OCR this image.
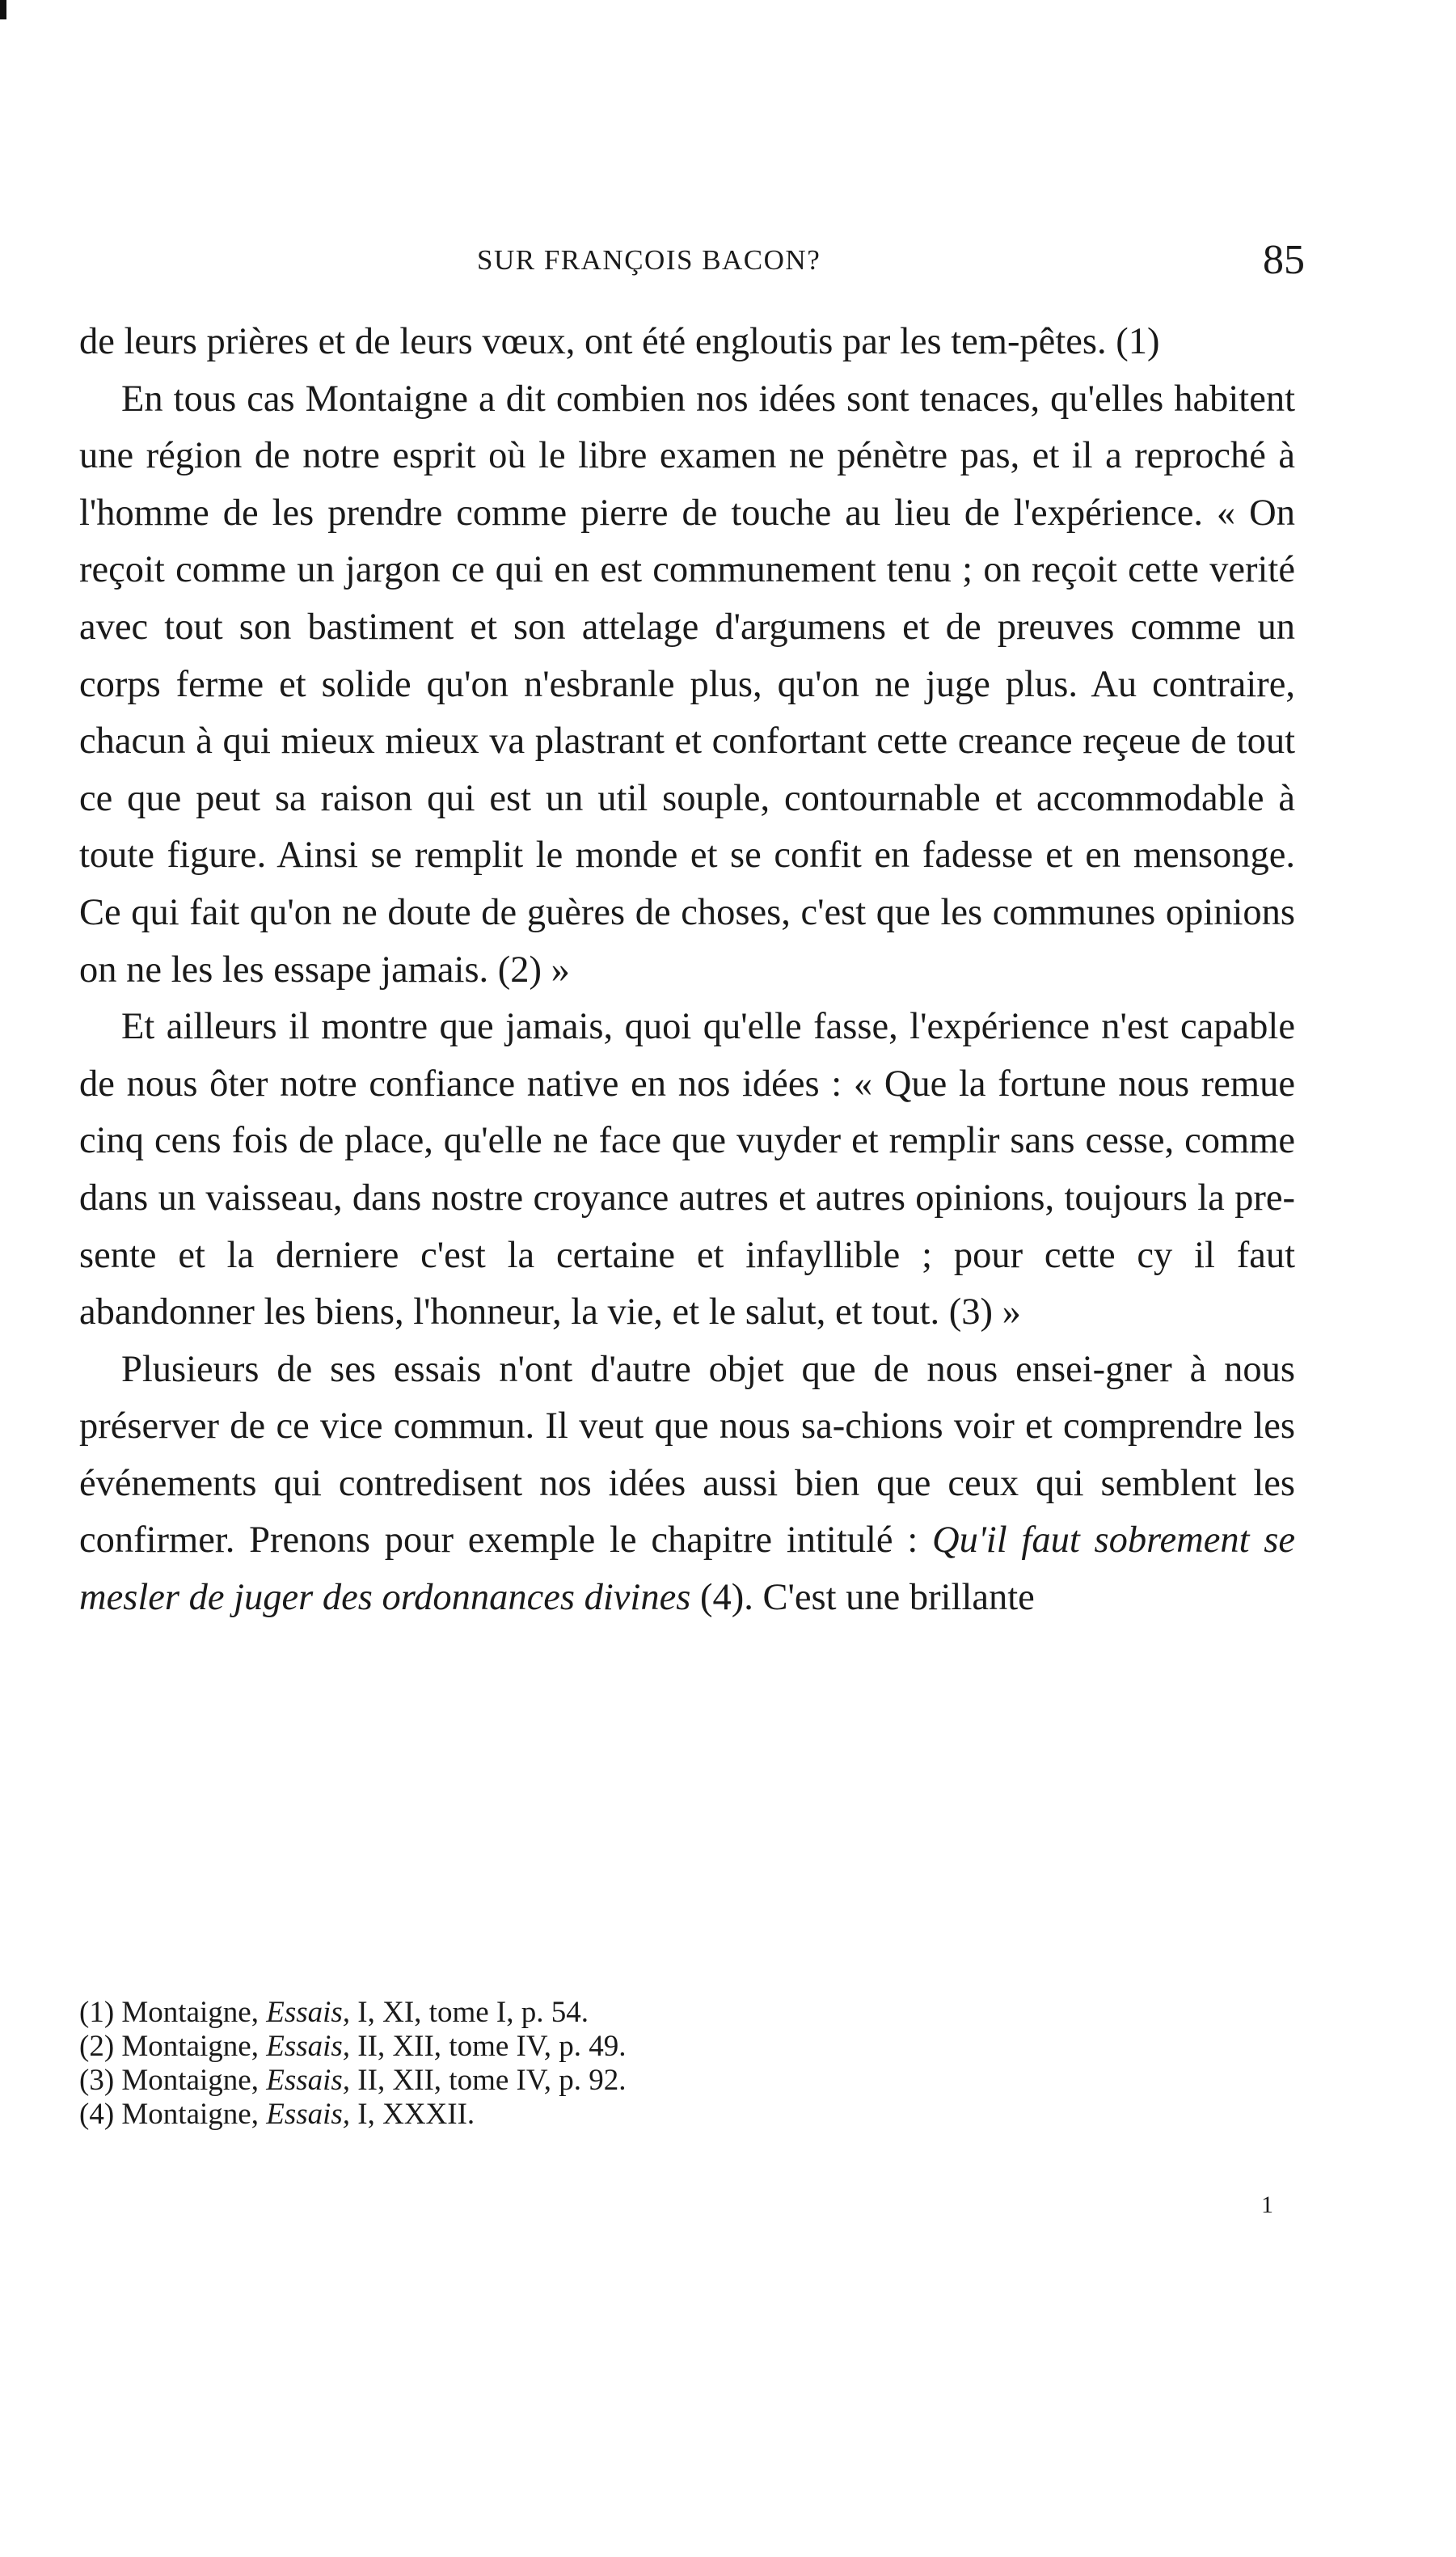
SUR FRANÇOIS BACON?	85

de leurs prières et de leurs vœux, ont été engloutis par les tem-pêtes. (1)

En tous cas Montaigne a dit combien nos idées sont tenaces, qu'elles habitent une région de notre esprit où le libre examen ne pénètre pas, et il a reproché à l'homme de les prendre comme pierre de touche au lieu de l'expérience. « On reçoit comme un jargon ce qui en est communement tenu ; on reçoit cette verité avec tout son bastiment et son attelage d'argumens et de preuves comme un corps ferme et solide qu'on n'esbranle plus, qu'on ne juge plus. Au contraire, chacun à qui mieux mieux va plastrant et confortant cette creance reçeue de tout ce que peut sa raison qui est un util souple, contournable et accommodable à toute figure. Ainsi se remplit le monde et se confit en fadesse et en mensonge. Ce qui fait qu'on ne doute de guères de choses, c'est que les communes opinions on ne les les essape jamais. (2) »

Et ailleurs il montre que jamais, quoi qu'elle fasse, l'expérience n'est capable de nous ôter notre confiance native en nos idées : « Que la fortune nous remue cinq cens fois de place, qu'elle ne face que vuyder et remplir sans cesse, comme dans un vaisseau, dans nostre croyance autres et autres opinions, toujours la pre-sente et la derniere c'est la certaine et infayllible ; pour cette cy il faut abandonner les biens, l'honneur, la vie, et le salut, et tout. (3) »

Plusieurs de ses essais n'ont d'autre objet que de nous ensei-gner à nous préserver de ce vice commun. Il veut que nous sa-chions voir et comprendre les événements qui contredisent nos idées aussi bien que ceux qui semblent les confirmer. Prenons pour exemple le chapitre intitulé : Qu'il faut sobrement se mesler de juger des ordonnances divines (4). C'est une brillante

(1) Montaigne, Essais, I, XI, tome I, p. 54.
(2) Montaigne, Essais, II, XII, tome IV, p. 49.
(3) Montaigne, Essais, II, XII, tome IV, p. 92.
(4) Montaigne, Essais, I, XXXII.
1
